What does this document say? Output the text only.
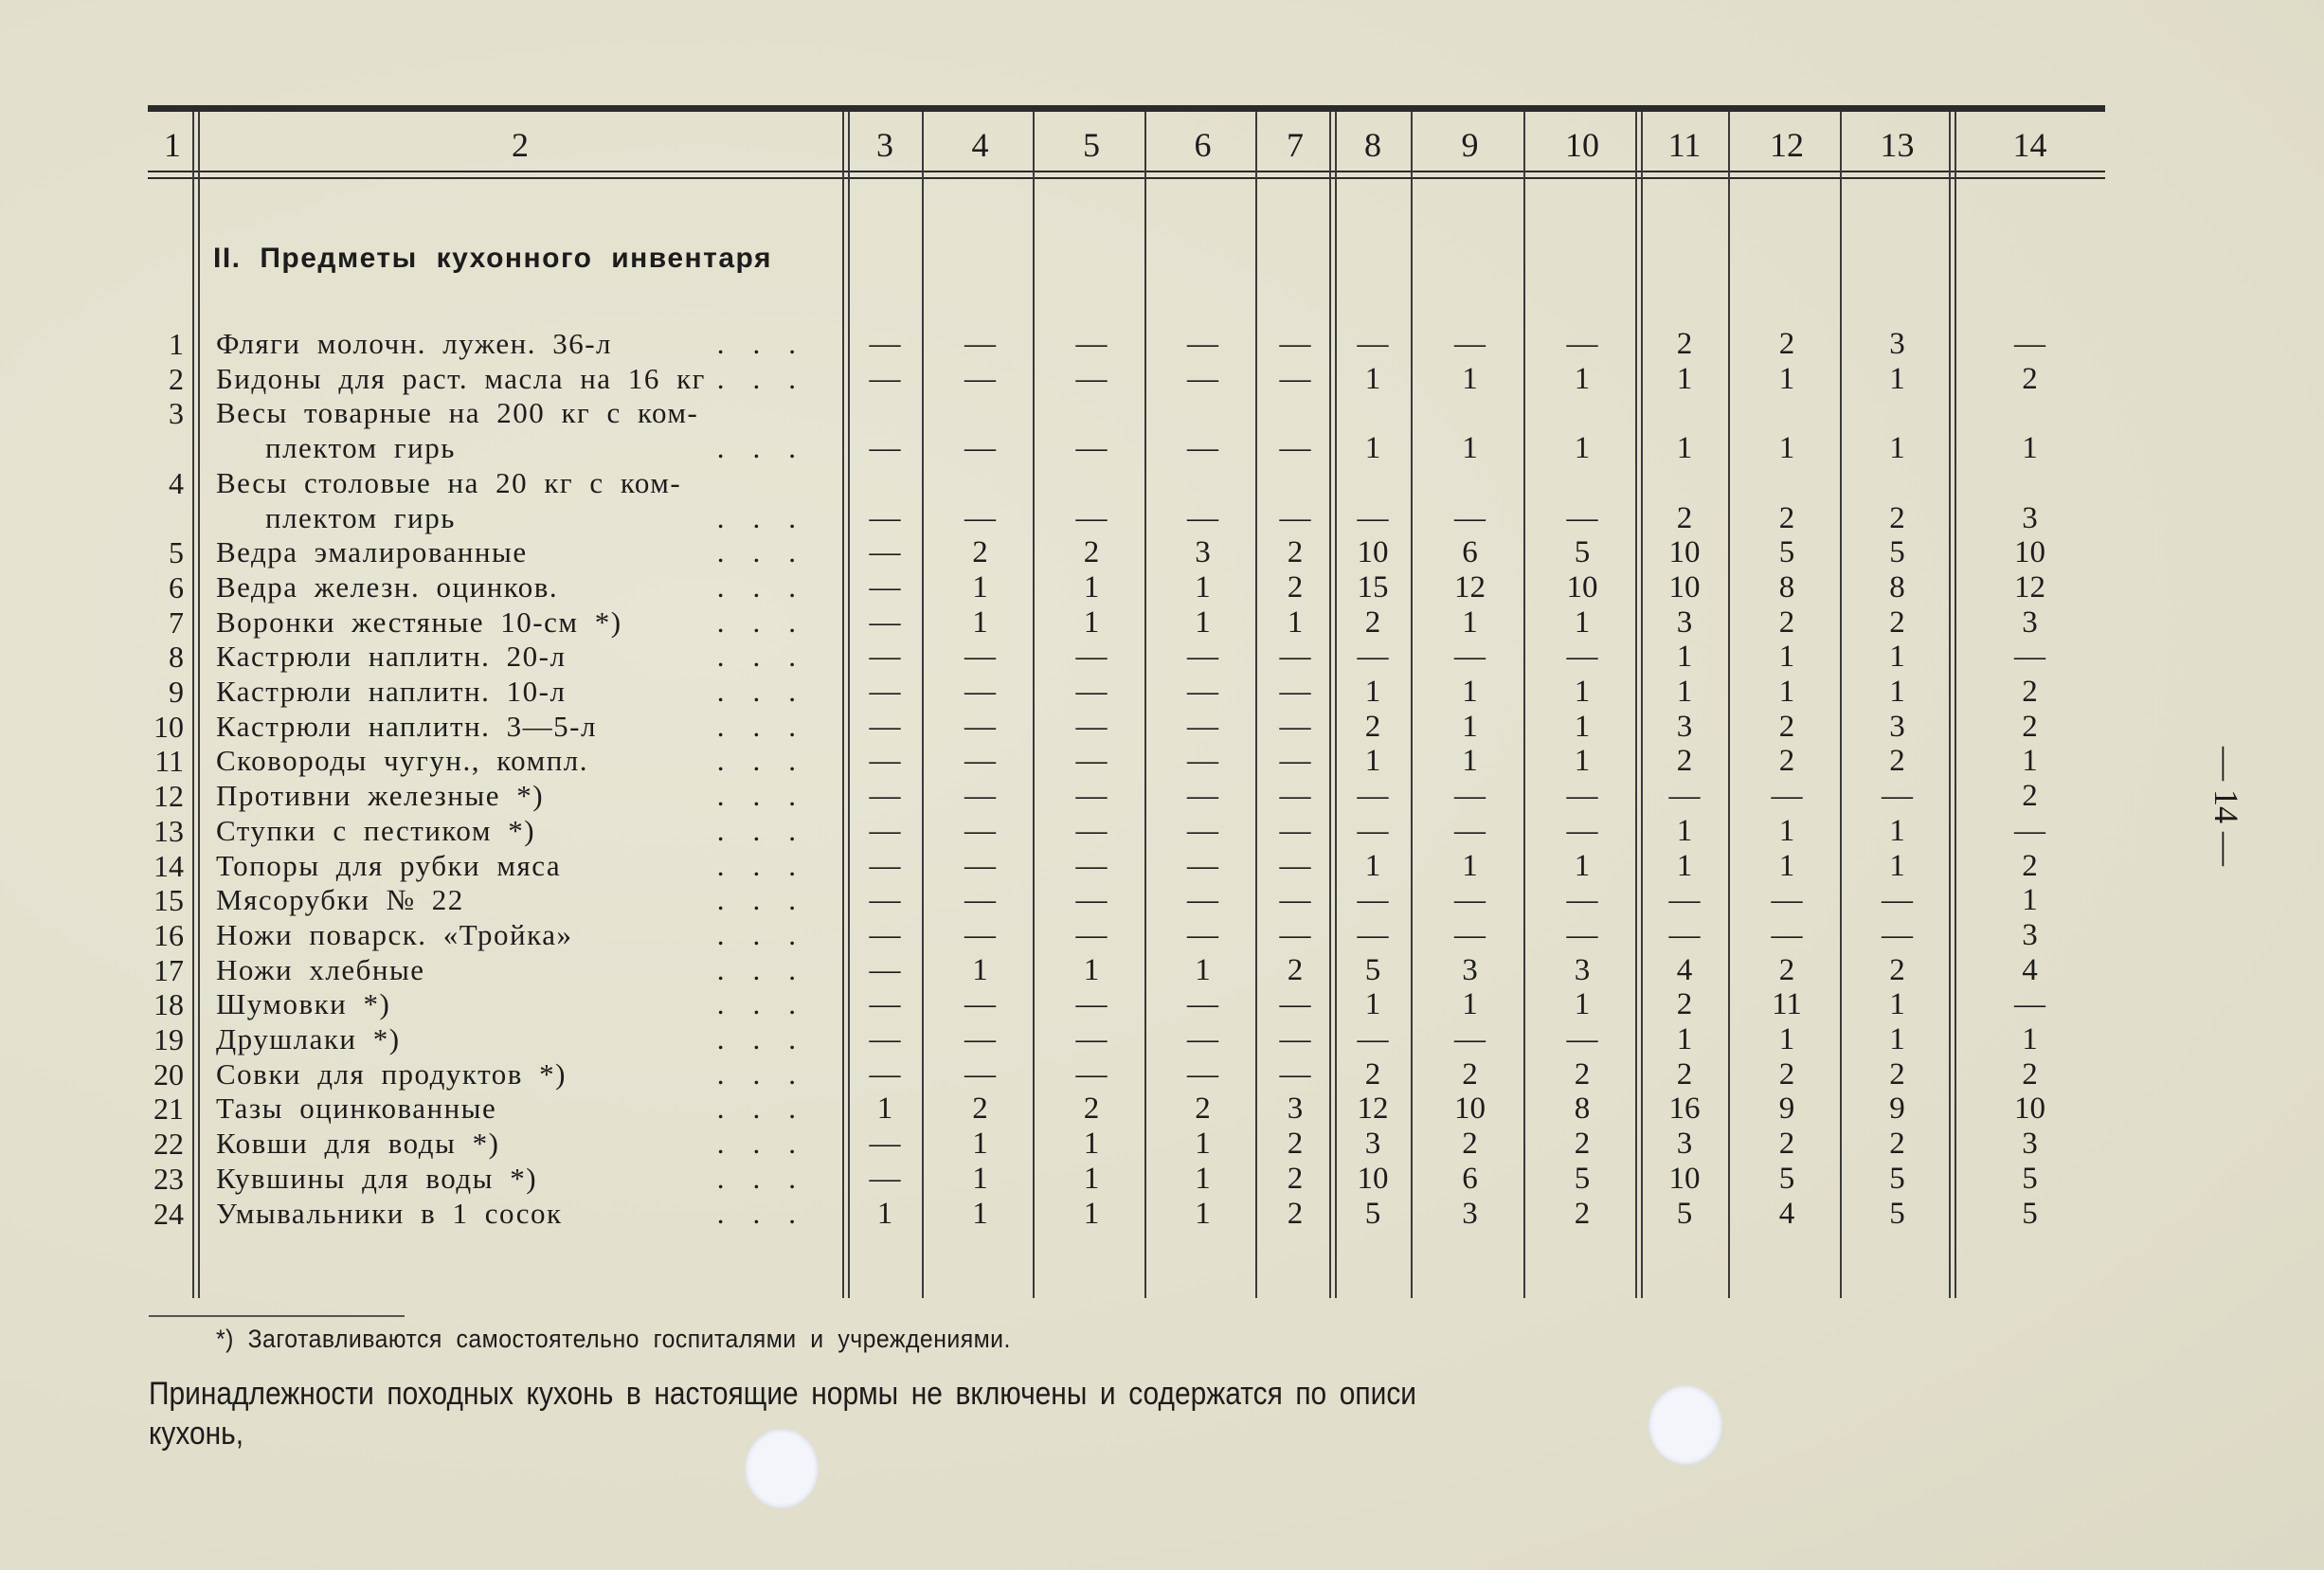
1	2	3	4	5	6	7	8	9	10	11	12	13	14
II. Предметы кухонного инвентаря
1 Фляги молочн. лужен. 36-л	...	—	—	—	—	—	—	—	—	2	2	3	—
2 Бидоны для раст. масла на 16 кг ...	—	—	—	—	—	1	1	1	1	1	1	2
3 Весы товарные на 200 кг с ком-
плектом гирь	...	—	—	—	—	—	1	1	1	1	1	1	1
4 Весы столовые на 20 кг с ком-
плектом гирь	...	—	—	—	—	—	—	—	—	2	2	2	3
5 Ведра эмалированные	...	—	2	2	3	2	10	6	5	10	5	5	10
6 Ведра железн. оцинков.	...	—	1	1	1	2	15	12	10	10	8	8	12
7 Воронки жестяные 10-см *)	...	—	1	1	1	1	2	1	1	3	2	2	3
8 Кастрюли наплитн. 20-л	...	—	—	—	—	—	—	—	—	1	1	1	—
9 Кастрюли наплитн. 10-л	...	—	—	—	—	—	1	1	1	1	1	1	2
10 Кастрюли наплитн. 3—5-л	...	—	—	—	—	—	2	1	1	3	2	3	2
11 Сковороды чугун., компл.	...	—	—	—	—	—	1	1	1	2	2	2	1
12 Противни железные *)	...	—	—	—	—	—	—	—	—	—	—	—	2
13 Ступки с пестиком *)	...	—	—	—	—	—	—	—	—	1	1	1	—
14 Топоры для рубки мяса	...	—	—	—	—	—	1	1	1	1	1	1	2
15 Мясорубки № 22	...	—	—	—	—	—	—	—	—	—	—	—	1
16 Ножи поварск. «Тройка»	...	—	—	—	—	—	—	—	—	—	—	—	3
17 Ножи хлебные	...	—	1	1	1	2	5	3	3	4	2	2	4
18 Шумовки *)	...	—	—	—	—	—	1	1	1	2	11	1	—
19 Друшлаки *)	...	—	—	—	—	—	—	—	—	1	1	1	1
20 Совки для продуктов *)	...	—	—	—	—	—	2	2	2	2	2	2	2
21 Тазы оцинкованные	...	1	2	2	2	3	12	10	8	16	9	9	10
22 Ковши для воды *)	...	—	1	1	1	2	3	2	2	3	2	2	3
23 Кувшины для воды *)	...	—	1	1	1	2	10	6	5	10	5	5	5
24 Умывальники в 1 сосок	...	1	1	1	1	2	5	3	2	5	4	5	5
*) Заготавливаются самостоятельно госпиталями и учреждениями.
Принадлежности походных кухонь в настоящие нормы не включены и содержатся по описи
кухонь,
— 14 —
